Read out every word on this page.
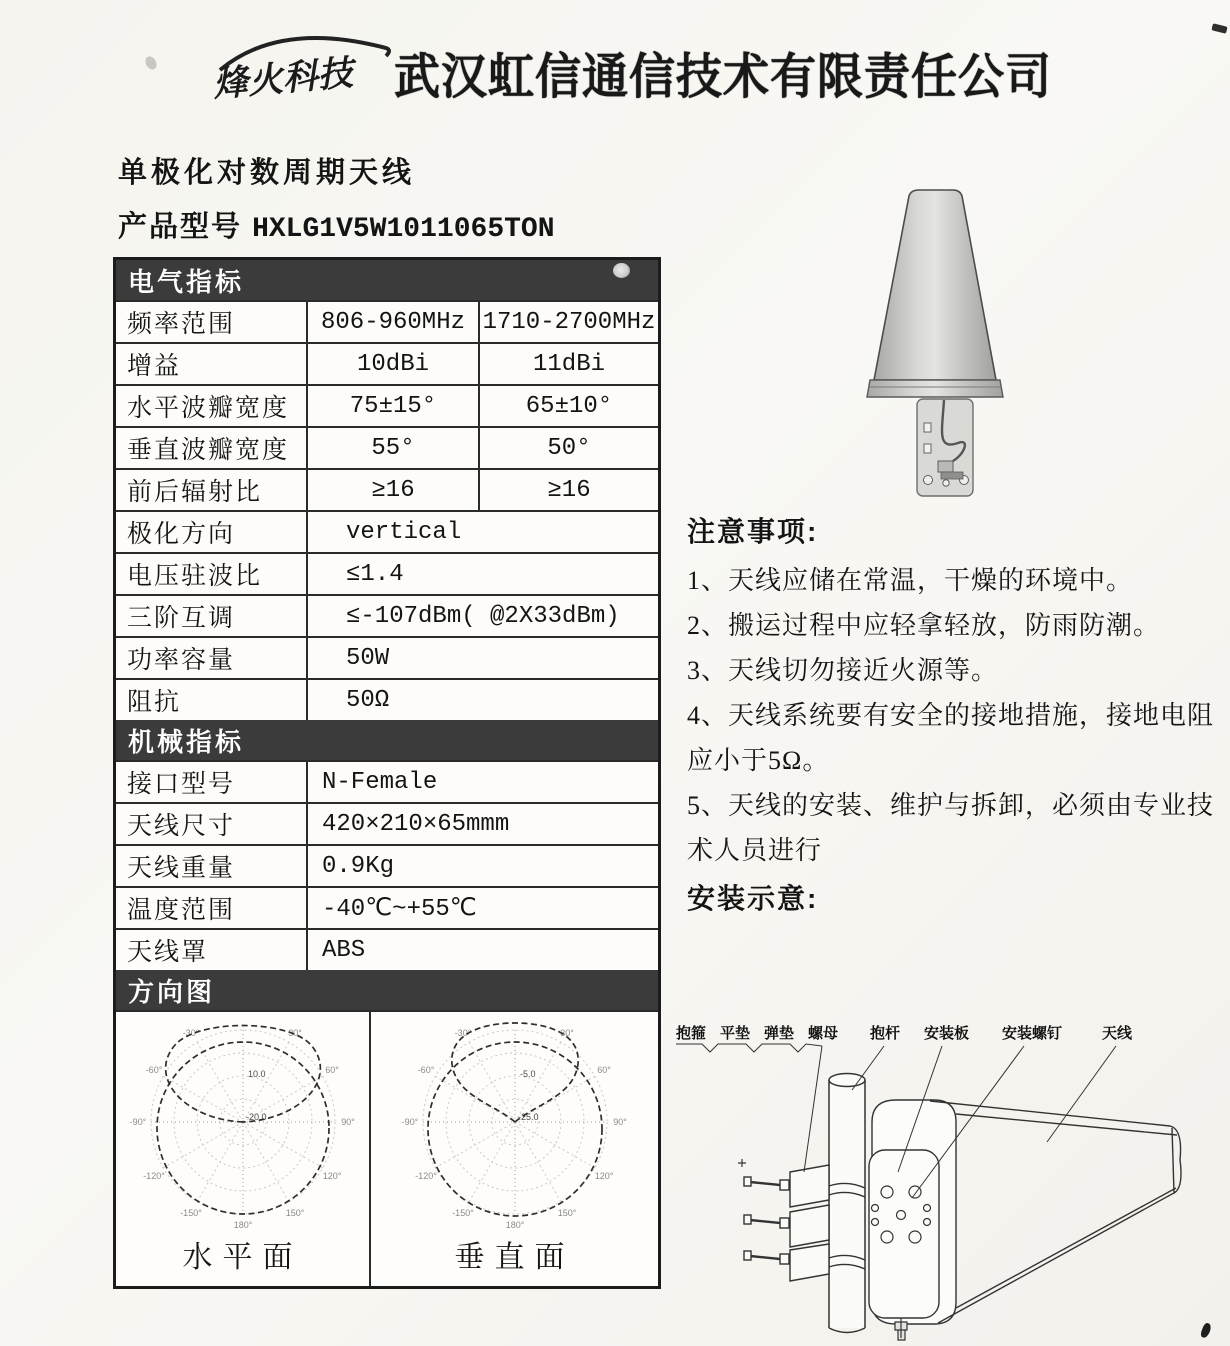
烽火科技 武汉虹信通信技术有限责任公司
单极化对数周期天线
产品型号 HXLG1V5W1011065TON
电气指标
频率范围	806-960MHz 1710-2700MHz
增益	10dBi	11dBi
水平波瓣宽度	75±15°	65±10°
垂直波瓣宽度	55°	50°
前后辐射比	≥16	≥16
极化方向	vertical
电压驻波比	≤1.4
三阶互调	≤-107dBm( @2X33dBm)
功率容量	50W
阻抗	50Ω
机械指标
接口型号	N-Female
天线尺寸	420×210×65mmm
天线重量	0.9Kg
温度范围	-40℃~+55℃
天线罩	ABS
方向图
-30°	30°
-60°	60°
-90°	90°
-120°	120°
-150°	150°
180°
10.0
-20.0
水平面
-30°	30°
-60°	60°
-90°	90°
-120°	120°
-150°	150°
180°
-5.0
-25.0
垂直面
注意事项:
1、天线应储在常温，干燥的环境中。
2、搬运过程中应轻拿轻放，防雨防潮。
3、天线切勿接近火源等。
4、天线系统要有安全的接地措施，接地电阻应小于5Ω。
5、天线的安装、维护与拆卸，必须由专业技术人员进行
安装示意:
抱箍 平垫 弹垫 螺母 抱杆 安装板 安装螺钉	天线
